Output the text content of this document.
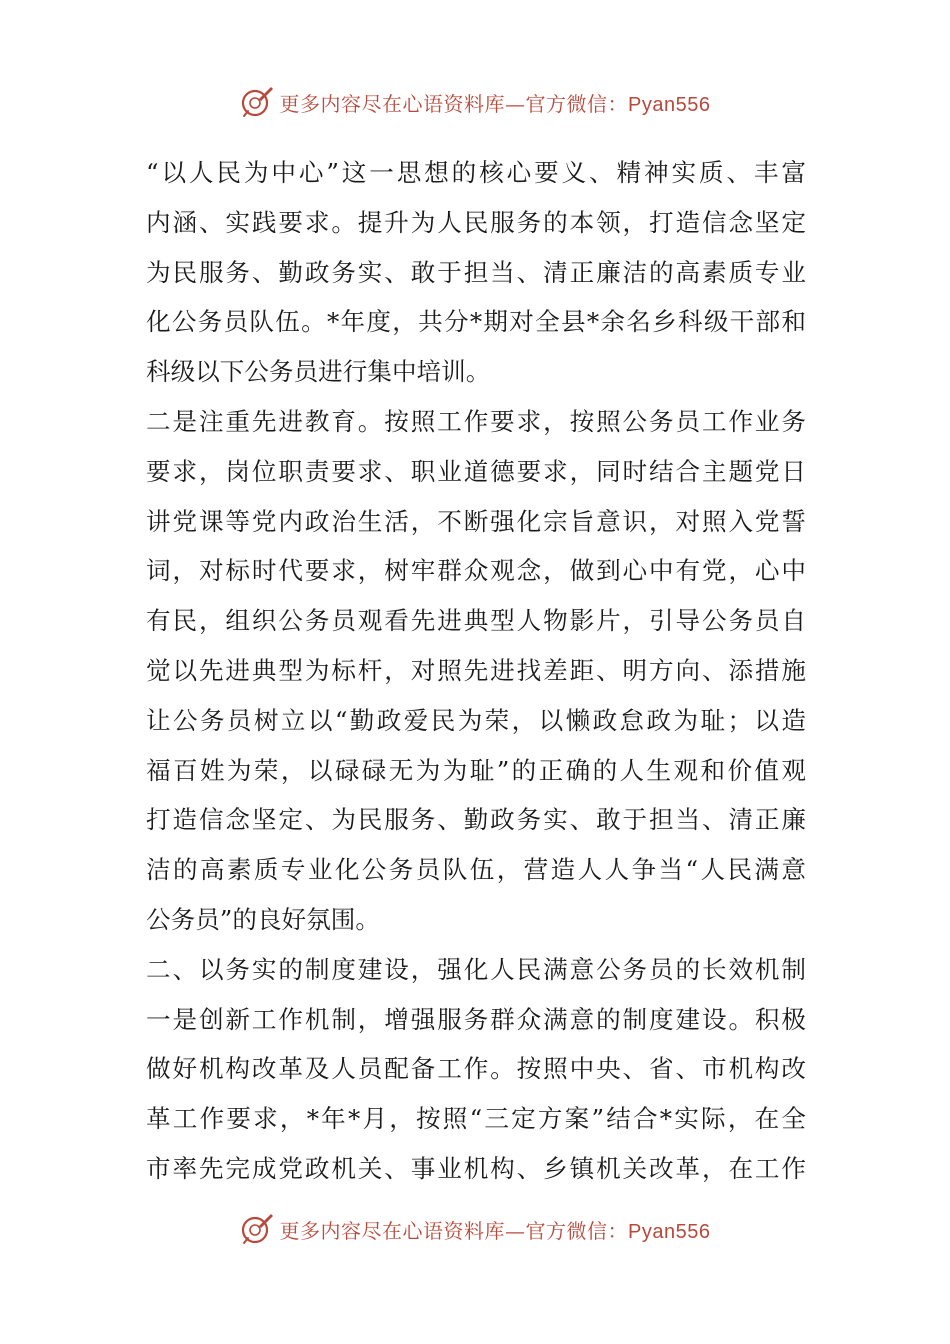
更多内容尽在心语资料库—官方微信：Pyan556
“以人民为中心”这一思想的核心要义、精神实质、丰富
内涵、实践要求。提升为人民服务的本领，打造信念坚定
为民服务、勤政务实、敢于担当、清正廉洁的高素质专业
化公务员队伍。*年度，共分*期对全县*余名乡科级干部和
科级以下公务员进行集中培训。
二是注重先进教育。按照工作要求，按照公务员工作业务
要求，岗位职责要求、职业道德要求，同时结合主题党日
讲党课等党内政治生活，不断强化宗旨意识，对照入党誓
词，对标时代要求，树牢群众观念，做到心中有党，心中
有民，组织公务员观看先进典型人物影片，引导公务员自
觉以先进典型为标杆，对照先进找差距、明方向、添措施
让公务员树立以“勤政爱民为荣，以懒政怠政为耻；以造
福百姓为荣，以碌碌无为为耻”的正确的人生观和价值观
打造信念坚定、为民服务、勤政务实、敢于担当、清正廉
洁的高素质专业化公务员队伍，营造人人争当“人民满意
公务员”的良好氛围。
二、以务实的制度建设，强化人民满意公务员的长效机制
一是创新工作机制，增强服务群众满意的制度建设。积极
做好机构改革及人员配备工作。按照中央、省、市机构改
革工作要求，*年*月，按照“三定方案”结合*实际，在全
市率先完成党政机关、事业机构、乡镇机关改革，在工作
更多内容尽在心语资料库—官方微信：Pyan556
